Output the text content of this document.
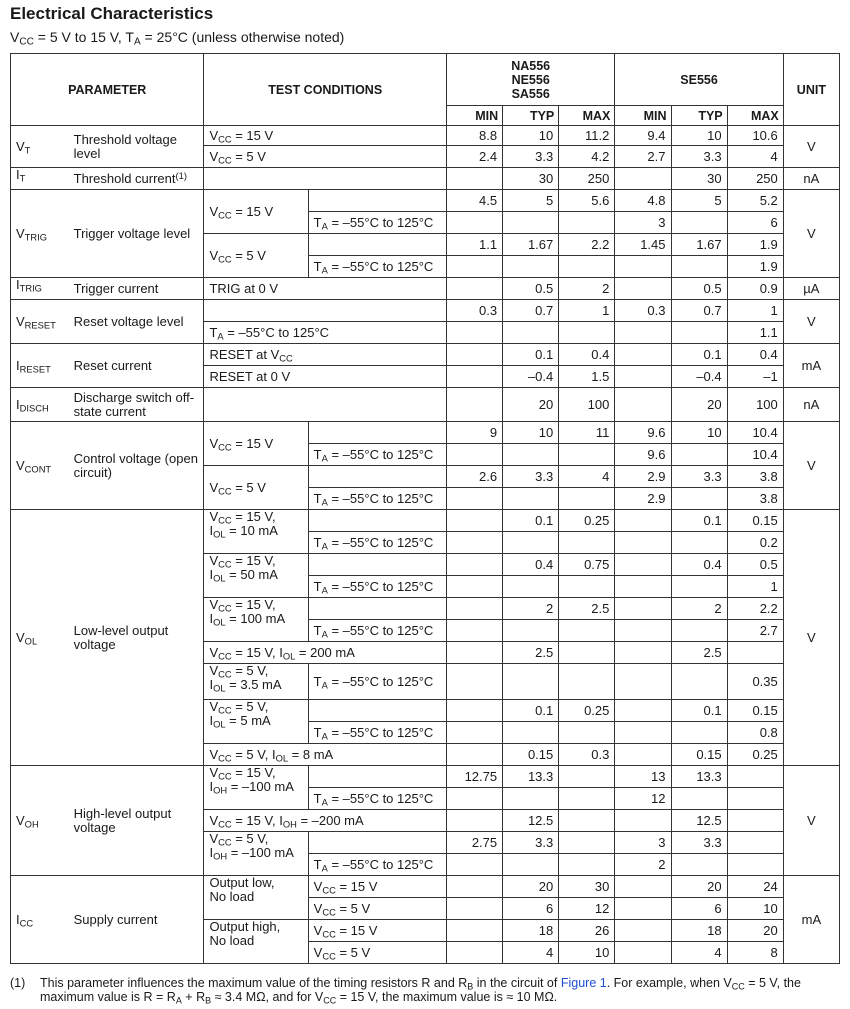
Electrical Characteristics
$V_{CC} = 5$ V to 15 V, $T_A = 25^\circ C$ (unless otherwise noted)
PARAMETER		TEST CONDITIONS		NA556
NE556
SA556			SE556			UNIT
				MIN	TYP	MAX	MIN	TYP	MAX	
$V_T$	Threshold voltage level	$V_{CC} = 15$ V		8.8	10	11.2	9.4	10	10.6	V
		$V_{CC} = 5$ V		2.4	3.3	4.2	2.7	3.3	4	
$I_T$	Threshold current$^{(1)}$				30	250		30	250	nA
$V_{TRIG}$	Trigger voltage level	$V_{CC} = 15$ V		4.5	5	5.6	4.8	5	5.2	V
			$T_A = -55^\circ C$ to 125°C				3		6	
		$V_{CC} = 5$ V		1.1	1.67	2.2	1.45	1.67	1.9	
			$T_A = -55^\circ C$ to 125°C						1.9	
$I_{TRIG}$	Trigger current	TRIG at 0 V			0.5	2		0.5	0.9	µA
$V_{RESET}$	Reset voltage level			0.3	0.7	1	0.3	0.7	1	V
		$T_A = -55^\circ C$ to 125°C							1.1	
$I_{RESET}$	Reset current	RESET at $V_{CC}$			0.1	0.4		0.1	0.4	mA
		RESET at 0 V			–0.4	1.5		–0.4	–1	
$I_{DISCH}$	Discharge switch off-state current				20	100		20	100	nA
$V_{CONT}$	Control voltage (open circuit)	$V_{CC} = 15$ V		9	10	11	9.6	10	10.4	V
			$T_A = -55^\circ C$ to 125°C				9.6		10.4	
		$V_{CC} = 5$ V		2.6	3.3	4	2.9	3.3	3.8	
			$T_A = -55^\circ C$ to 125°C				2.9		3.8	
$V_{OL}$	Low-level output voltage	$V_{CC} = 15$ V,
$I_{OL} = 10$ mA			0.1	0.25		0.1	0.15	V
			$T_A = -55^\circ C$ to 125°C						0.2	
		$V_{CC} = 15$ V,
$I_{OL} = 50$ mA			0.4	0.75		0.4	0.5	
			$T_A = -55^\circ C$ to 125°C						1	
		$V_{CC} = 15$ V,
$I_{OL} = 100$ mA			2	2.5		2	2.2	
			$T_A = -55^\circ C$ to 125°C						2.7	
		$V_{CC} = 15$ V, $I_{OL} = 200$ mA			2.5			2.5		
		$V_{CC} = 5$ V,
$I_{OL} = 3.5$ mA	$T_A = -55^\circ C$ to 125°C						0.35	
		$V_{CC} = 5$ V,
$I_{OL} = 5$ mA			0.1	0.25		0.1	0.15	
			$T_A = -55^\circ C$ to 125°C						0.8	
		$V_{CC} = 5$ V, $I_{OL} = 8$ mA			0.15	0.3		0.15	0.25	
$V_{OH}$	High-level output voltage	$V_{CC} = 15$ V,
$I_{OH} = -100$ mA		12.75	13.3		13	13.3		V
			$T_A = -55^\circ C$ to 125°C				12			
		$V_{CC} = 15$ V, $I_{OH} = -200$ mA			12.5			12.5		
		$V_{CC} = 5$ V,
$I_{OH} = -100$ mA		2.75	3.3		3	3.3		
			$T_A = -55^\circ C$ to 125°C				2			
$I_{CC}$	Supply current	Output low,
No load	$V_{CC} = 15$ V		20	30		20	24	mA
			$V_{CC} = 5$ V		6	12		6	10	
		Output high,
No load	$V_{CC} = 15$ V		18	26		18	20	
			$V_{CC} = 5$ V		4	10		4	8	
(1) This parameter influences the maximum value of the timing resistors R and $R_B$ in the circuit of Figure 1. For example, when $V_{CC} = 5$ V, the maximum value is $R = R_A + R_B \approx 3.4$ MΩ, and for $V_{CC} = 15$ V, the maximum value is ≈ 10 MΩ.
